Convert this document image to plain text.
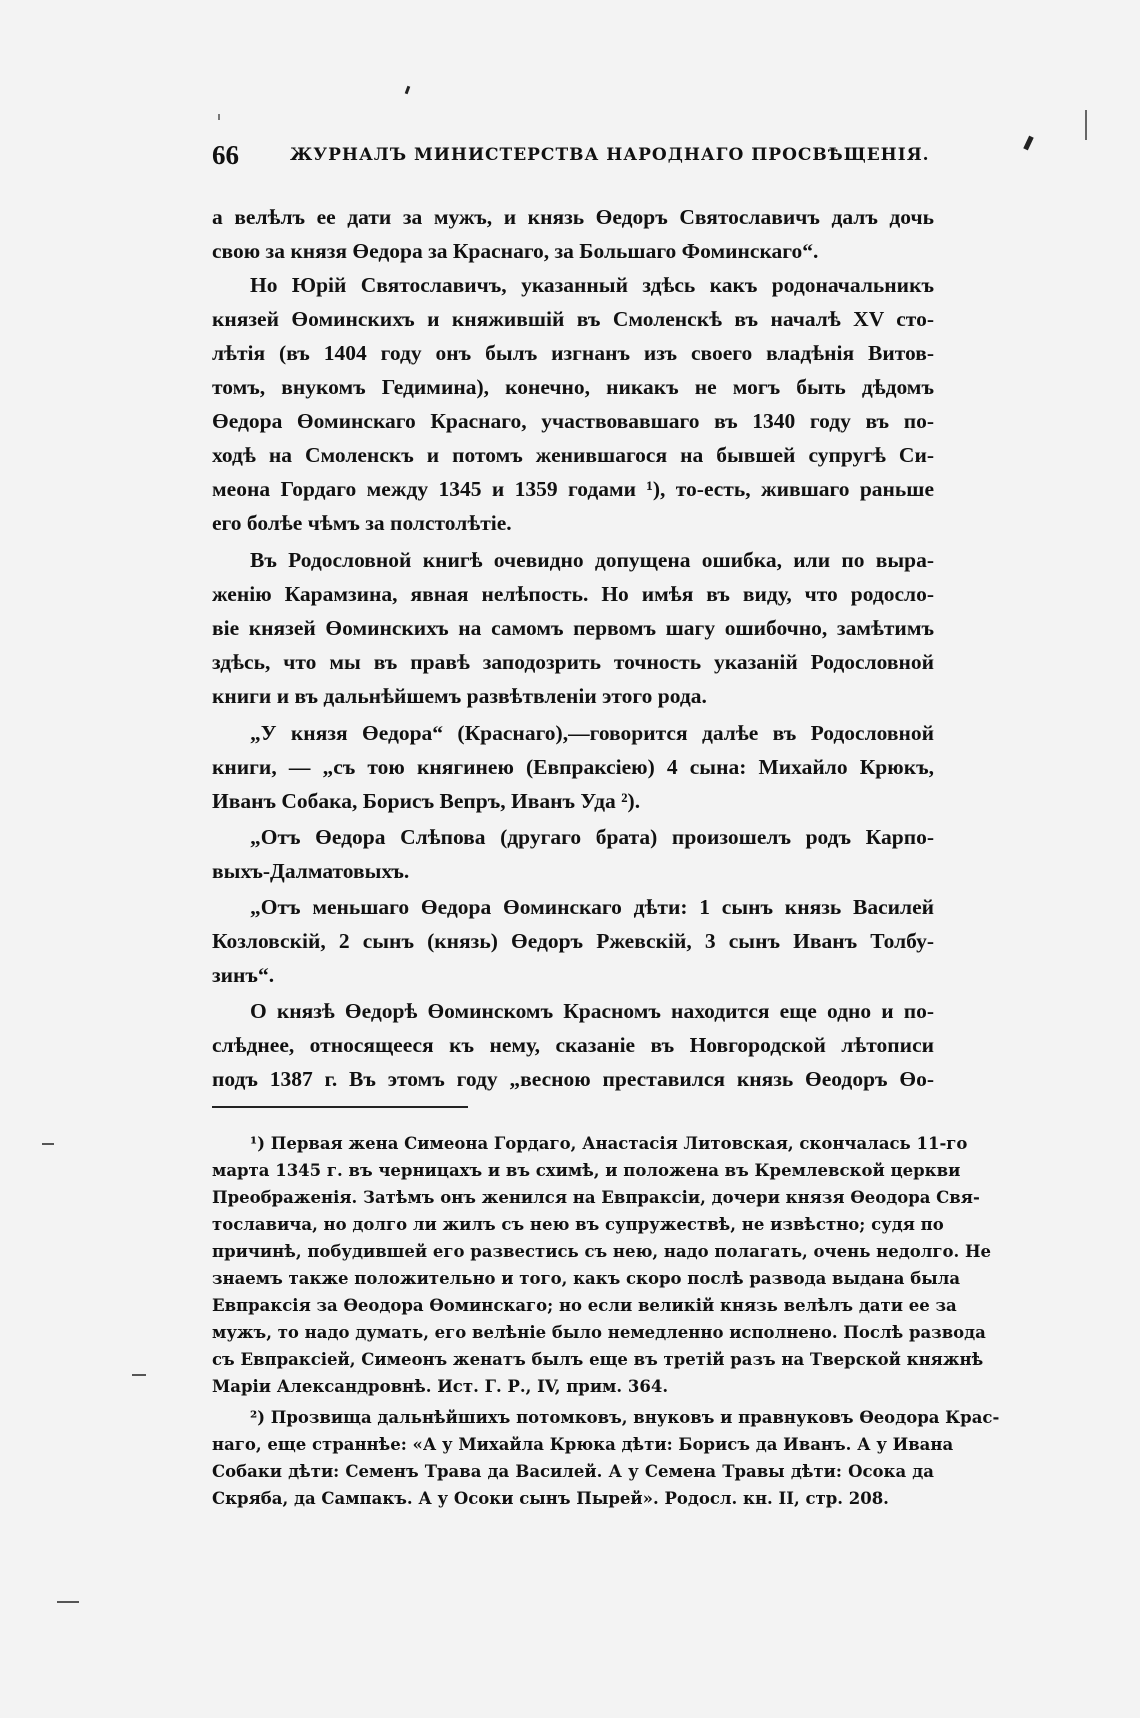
66	ЖУРНАЛЪ МИНИСТЕРСТВА НАРОДНАГО ПРОСВѢЩЕНІЯ.
а велѣлъ ее дати за мужъ, и князь Өедоръ Святославичъ далъ дочь
свою за князя Өедора за Краснаго, за Большаго Фоминскаго“.
Но Юрій Святославичъ, указанный здѣсь какъ родоначальникъ
князей Өоминскихъ и княжившій въ Смоленскѣ въ началѣ XV сто-
лѣтія (въ 1404 году онъ былъ изгнанъ изъ своего владѣнія Витов-
томъ, внукомъ Гедимина), конечно, никакъ не могъ быть дѣдомъ
Өедора Өоминскаго Краснаго, участвовавшаго въ 1340 году въ по-
ходѣ на Смоленскъ и потомъ женившагося на бывшей супругѣ Си-
меона Гордаго между 1345 и 1359 годами ¹), то-есть, жившаго раньше
его болѣе чѣмъ за полстолѣтіе.
Въ Родословной книгѣ очевидно допущена ошибка, или по выра-
женію Карамзина, явная нелѣпость. Но имѣя въ виду, что родосло-
віе князей Өоминскихъ на самомъ первомъ шагу ошибочно, замѣтимъ
здѣсь, что мы въ правѣ заподозрить точность указаній Родословной
книги и въ дальнѣйшемъ развѣтвленіи этого рода.
„У князя Өедора“ (Краснаго),—говорится далѣе въ Родословной
книги, — „съ тою княгинею (Евпраксіею) 4 сына: Михайло Крюкъ,
Иванъ Собака, Борисъ Вепръ, Иванъ Уда ²).
„Отъ Өедора Слѣпова (другаго брата) произошелъ родъ Карпо-
выхъ-Далматовыхъ.
„Отъ меньшаго Өедора Өоминскаго дѣти: 1 сынъ князь Василей
Козловскій, 2 сынъ (князь) Өедоръ Ржевскій, 3 сынъ Иванъ Толбу-
зинъ“.
О князѣ Өедорѣ Өоминскомъ Красномъ находится еще одно и по-
слѣднее, относящееся къ нему, сказаніе въ Новгородской лѣтописи
подъ 1387 г. Въ этомъ году „весною преставился князь Өеодоръ Өо-
¹) Первая жена Симеона Гордаго, Анастасія Литовская, скончалась 11-го
марта 1345 г. въ черницахъ и въ схимѣ, и положена въ Кремлевской церкви
Преображенія. Затѣмъ онъ женился на Евпраксіи, дочери князя Өеодора Свя-
тославича, но долго ли жилъ съ нею въ супружествѣ, не извѣстно; судя по
причинѣ, побудившей его развестись съ нею, надо полагать, очень недолго. Не
знаемъ также положительно и того, какъ скоро послѣ развода выдана была
Евпраксія за Өеодора Өоминскаго; но если великій князь велѣлъ дати ее за
мужъ, то надо думать, его велѣніе было немедленно исполнено. Послѣ развода
съ Евпраксіей, Симеонъ женатъ былъ еще въ третій разъ на Тверской княжнѣ
Маріи Александровнѣ. Ист. Г. Р., IV, прим. 364.
²) Прозвища дальнѣйшихъ потомковъ, внуковъ и правнуковъ Өеодора Крас-
наго, еще страннѣе: «А у Михайла Крюка дѣти: Борисъ да Иванъ. А у Ивана
Собаки дѣти: Семенъ Трава да Василей. А у Семена Травы дѣти: Осока да
Скряба, да Сампакъ. А у Осоки сынъ Пырей». Родосл. кн. II, стр. 208.
